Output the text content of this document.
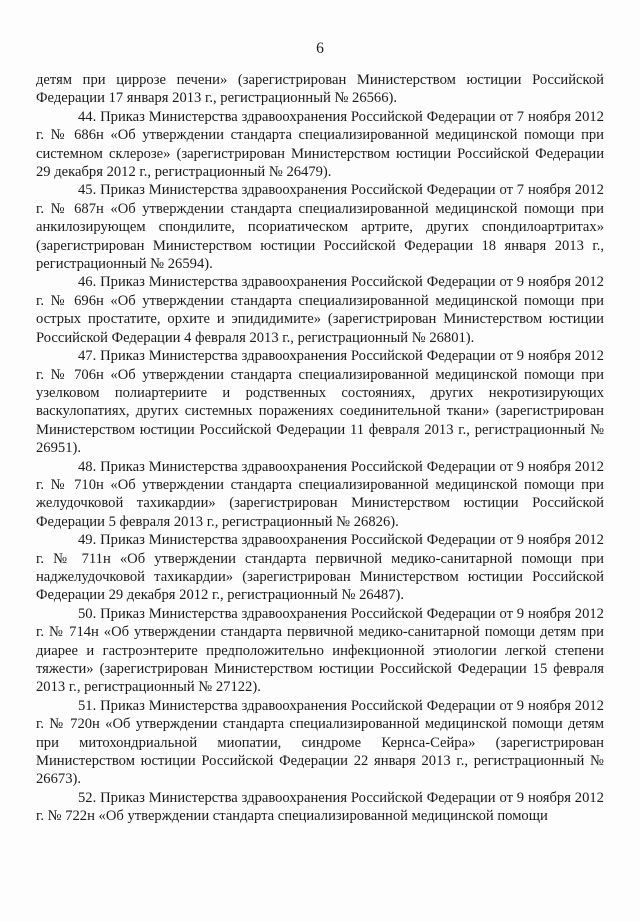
6

детям при циррозе печени» (зарегистрирован Министерством юстиции Российской Федерации 17 января 2013 г., регистрационный № 26566).

44. Приказ Министерства здравоохранения Российской Федерации от 7 ноября 2012 г. № 686н «Об утверждении стандарта специализированной медицинской помощи при системном склерозе» (зарегистрирован Министерством юстиции Российской Федерации 29 декабря 2012 г., регистрационный № 26479).

45. Приказ Министерства здравоохранения Российской Федерации от 7 ноября 2012 г. № 687н «Об утверждении стандарта специализированной медицинской помощи при анкилозирующем спондилите, псориатическом артрите, других спондилоартритах» (зарегистрирован Министерством юстиции Российской Федерации 18 января 2013 г., регистрационный № 26594).

46. Приказ Министерства здравоохранения Российской Федерации от 9 ноября 2012 г. № 696н «Об утверждении стандарта специализированной медицинской помощи при острых простатите, орхите и эпидидимите» (зарегистрирован Министерством юстиции Российской Федерации 4 февраля 2013 г., регистрационный № 26801).

47. Приказ Министерства здравоохранения Российской Федерации от 9 ноября 2012 г. № 706н «Об утверждении стандарта специализированной медицинской помощи при узелковом полиартериите и родственных состояниях, других некротизирующих васкулопатиях, других системных поражениях соединительной ткани» (зарегистрирован Министерством юстиции Российской Федерации 11 февраля 2013 г., регистрационный № 26951).

48. Приказ Министерства здравоохранения Российской Федерации от 9 ноября 2012 г. № 710н «Об утверждении стандарта специализированной медицинской помощи при желудочковой тахикардии» (зарегистрирован Министерством юстиции Российской Федерации 5 февраля 2013 г., регистрационный № 26826).

49. Приказ Министерства здравоохранения Российской Федерации от 9 ноября 2012 г. № 711н «Об утверждении стандарта первичной медико-санитарной помощи при наджелудочковой тахикардии» (зарегистрирован Министерством юстиции Российской Федерации 29 декабря 2012 г., регистрационный № 26487).

50. Приказ Министерства здравоохранения Российской Федерации от 9 ноября 2012 г. № 714н «Об утверждении стандарта первичной медико-санитарной помощи детям при диарее и гастроэнтерите предположительно инфекционной этиологии легкой степени тяжести» (зарегистрирован Министерством юстиции Российской Федерации 15 февраля 2013 г., регистрационный № 27122).

51. Приказ Министерства здравоохранения Российской Федерации от 9 ноября 2012 г. № 720н «Об утверждении стандарта специализированной медицинской помощи детям при митохондриальной миопатии, синдроме Кернса-Сейра» (зарегистрирован Министерством юстиции Российской Федерации 22 января 2013 г., регистрационный № 26673).

52. Приказ Министерства здравоохранения Российской Федерации от 9 ноября 2012 г. № 722н «Об утверждении стандарта специализированной медицинской помощи
